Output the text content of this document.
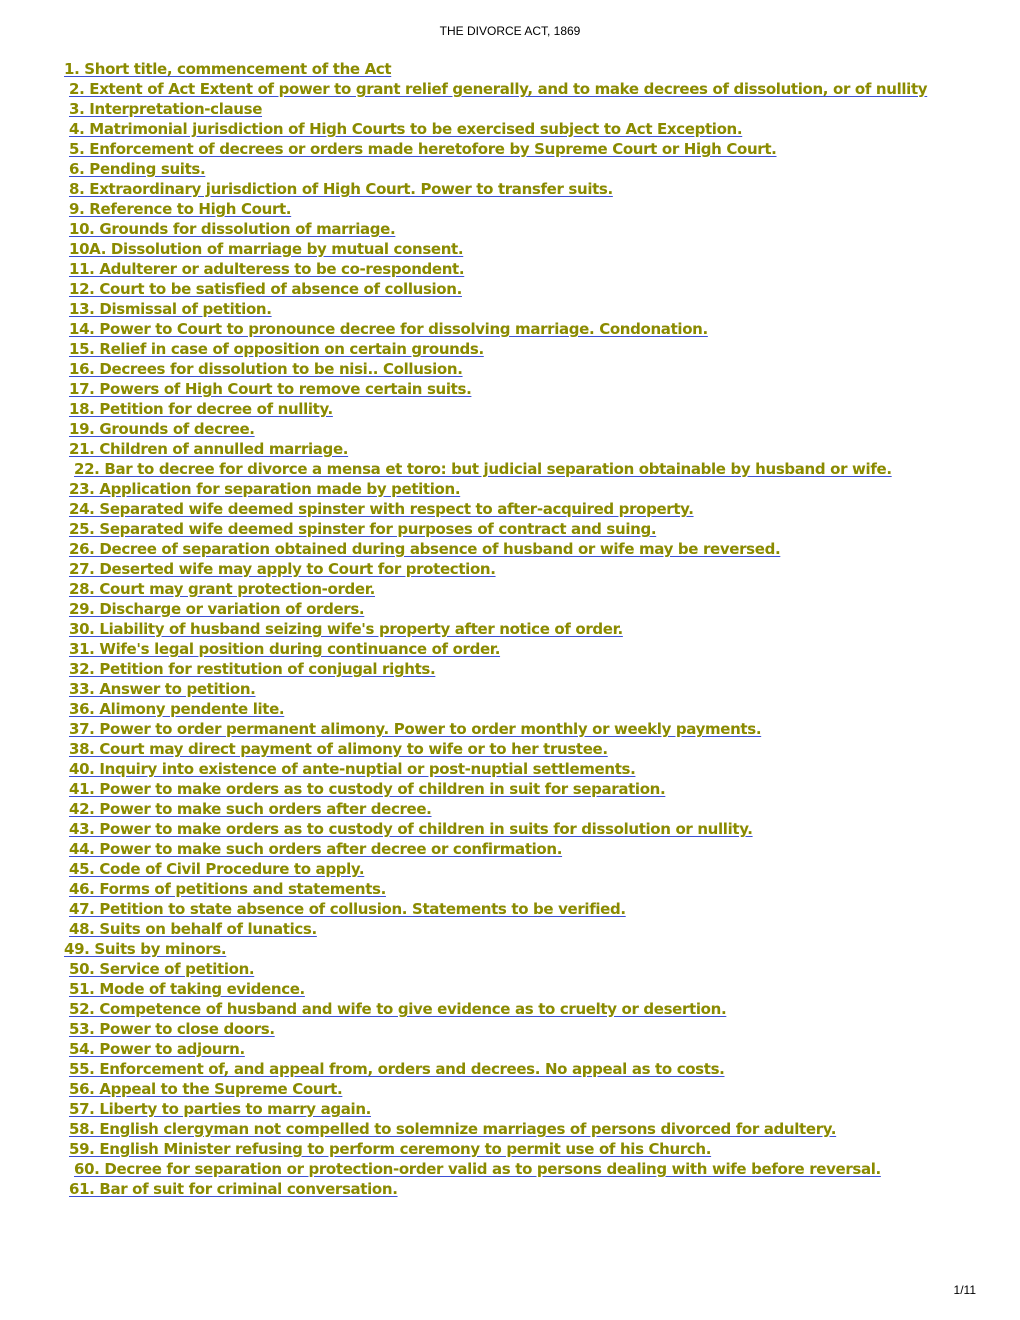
THE DIVORCE ACT, 1869
1. Short title, commencement of the Act
2. Extent of Act Extent of power to grant relief generally, and to make decrees of dissolution, or of nullity
3. Interpretation-clause
4. Matrimonial jurisdiction of High Courts to be exercised subject to Act Exception.
5. Enforcement of decrees or orders made heretofore by Supreme Court or High Court.
6. Pending suits.
8. Extraordinary jurisdiction of High Court. Power to transfer suits.
9. Reference to High Court.
10. Grounds for dissolution of marriage.
10A. Dissolution of marriage by mutual consent.
11. Adulterer or adulteress to be co-respondent.
12. Court to be satisfied of absence of collusion.
13. Dismissal of petition.
14. Power to Court to pronounce decree for dissolving marriage. Condonation.
15. Relief in case of opposition on certain grounds.
16. Decrees for dissolution to be nisi.. Collusion.
17. Powers of High Court to remove certain suits.
18. Petition for decree of nullity.
19. Grounds of decree.
21. Children of annulled marriage.
22. Bar to decree for divorce a mensa et toro: but judicial separation obtainable by husband or wife.
23. Application for separation made by petition.
24. Separated wife deemed spinster with respect to after-acquired property.
25. Separated wife deemed spinster for purposes of contract and suing.
26. Decree of separation obtained during absence of husband or wife may be reversed.
27. Deserted wife may apply to Court for protection.
28. Court may grant protection-order.
29. Discharge or variation of orders.
30. Liability of husband seizing wife's property after notice of order.
31. Wife's legal position during continuance of order.
32. Petition for restitution of conjugal rights.
33. Answer to petition.
36. Alimony pendente lite.
37. Power to order permanent alimony. Power to order monthly or weekly payments.
38. Court may direct payment of alimony to wife or to her trustee.
40. Inquiry into existence of ante-nuptial or post-nuptial settlements.
41. Power to make orders as to custody of children in suit for separation.
42. Power to make such orders after decree.
43. Power to make orders as to custody of children in suits for dissolution or nullity.
44. Power to make such orders after decree or confirmation.
45. Code of Civil Procedure to apply.
46. Forms of petitions and statements.
47. Petition to state absence of collusion. Statements to be verified.
48. Suits on behalf of lunatics.
49. Suits by minors.
50. Service of petition.
51. Mode of taking evidence.
52. Competence of husband and wife to give evidence as to cruelty or desertion.
53. Power to close doors.
54. Power to adjourn.
55. Enforcement of, and appeal from, orders and decrees. No appeal as to costs.
56. Appeal to the Supreme Court.
57. Liberty to parties to marry again.
58. English clergyman not compelled to solemnize marriages of persons divorced for adultery.
59. English Minister refusing to perform ceremony to permit use of his Church.
60. Decree for separation or protection-order valid as to persons dealing with wife before reversal.
61. Bar of suit for criminal conversation.
1/11
